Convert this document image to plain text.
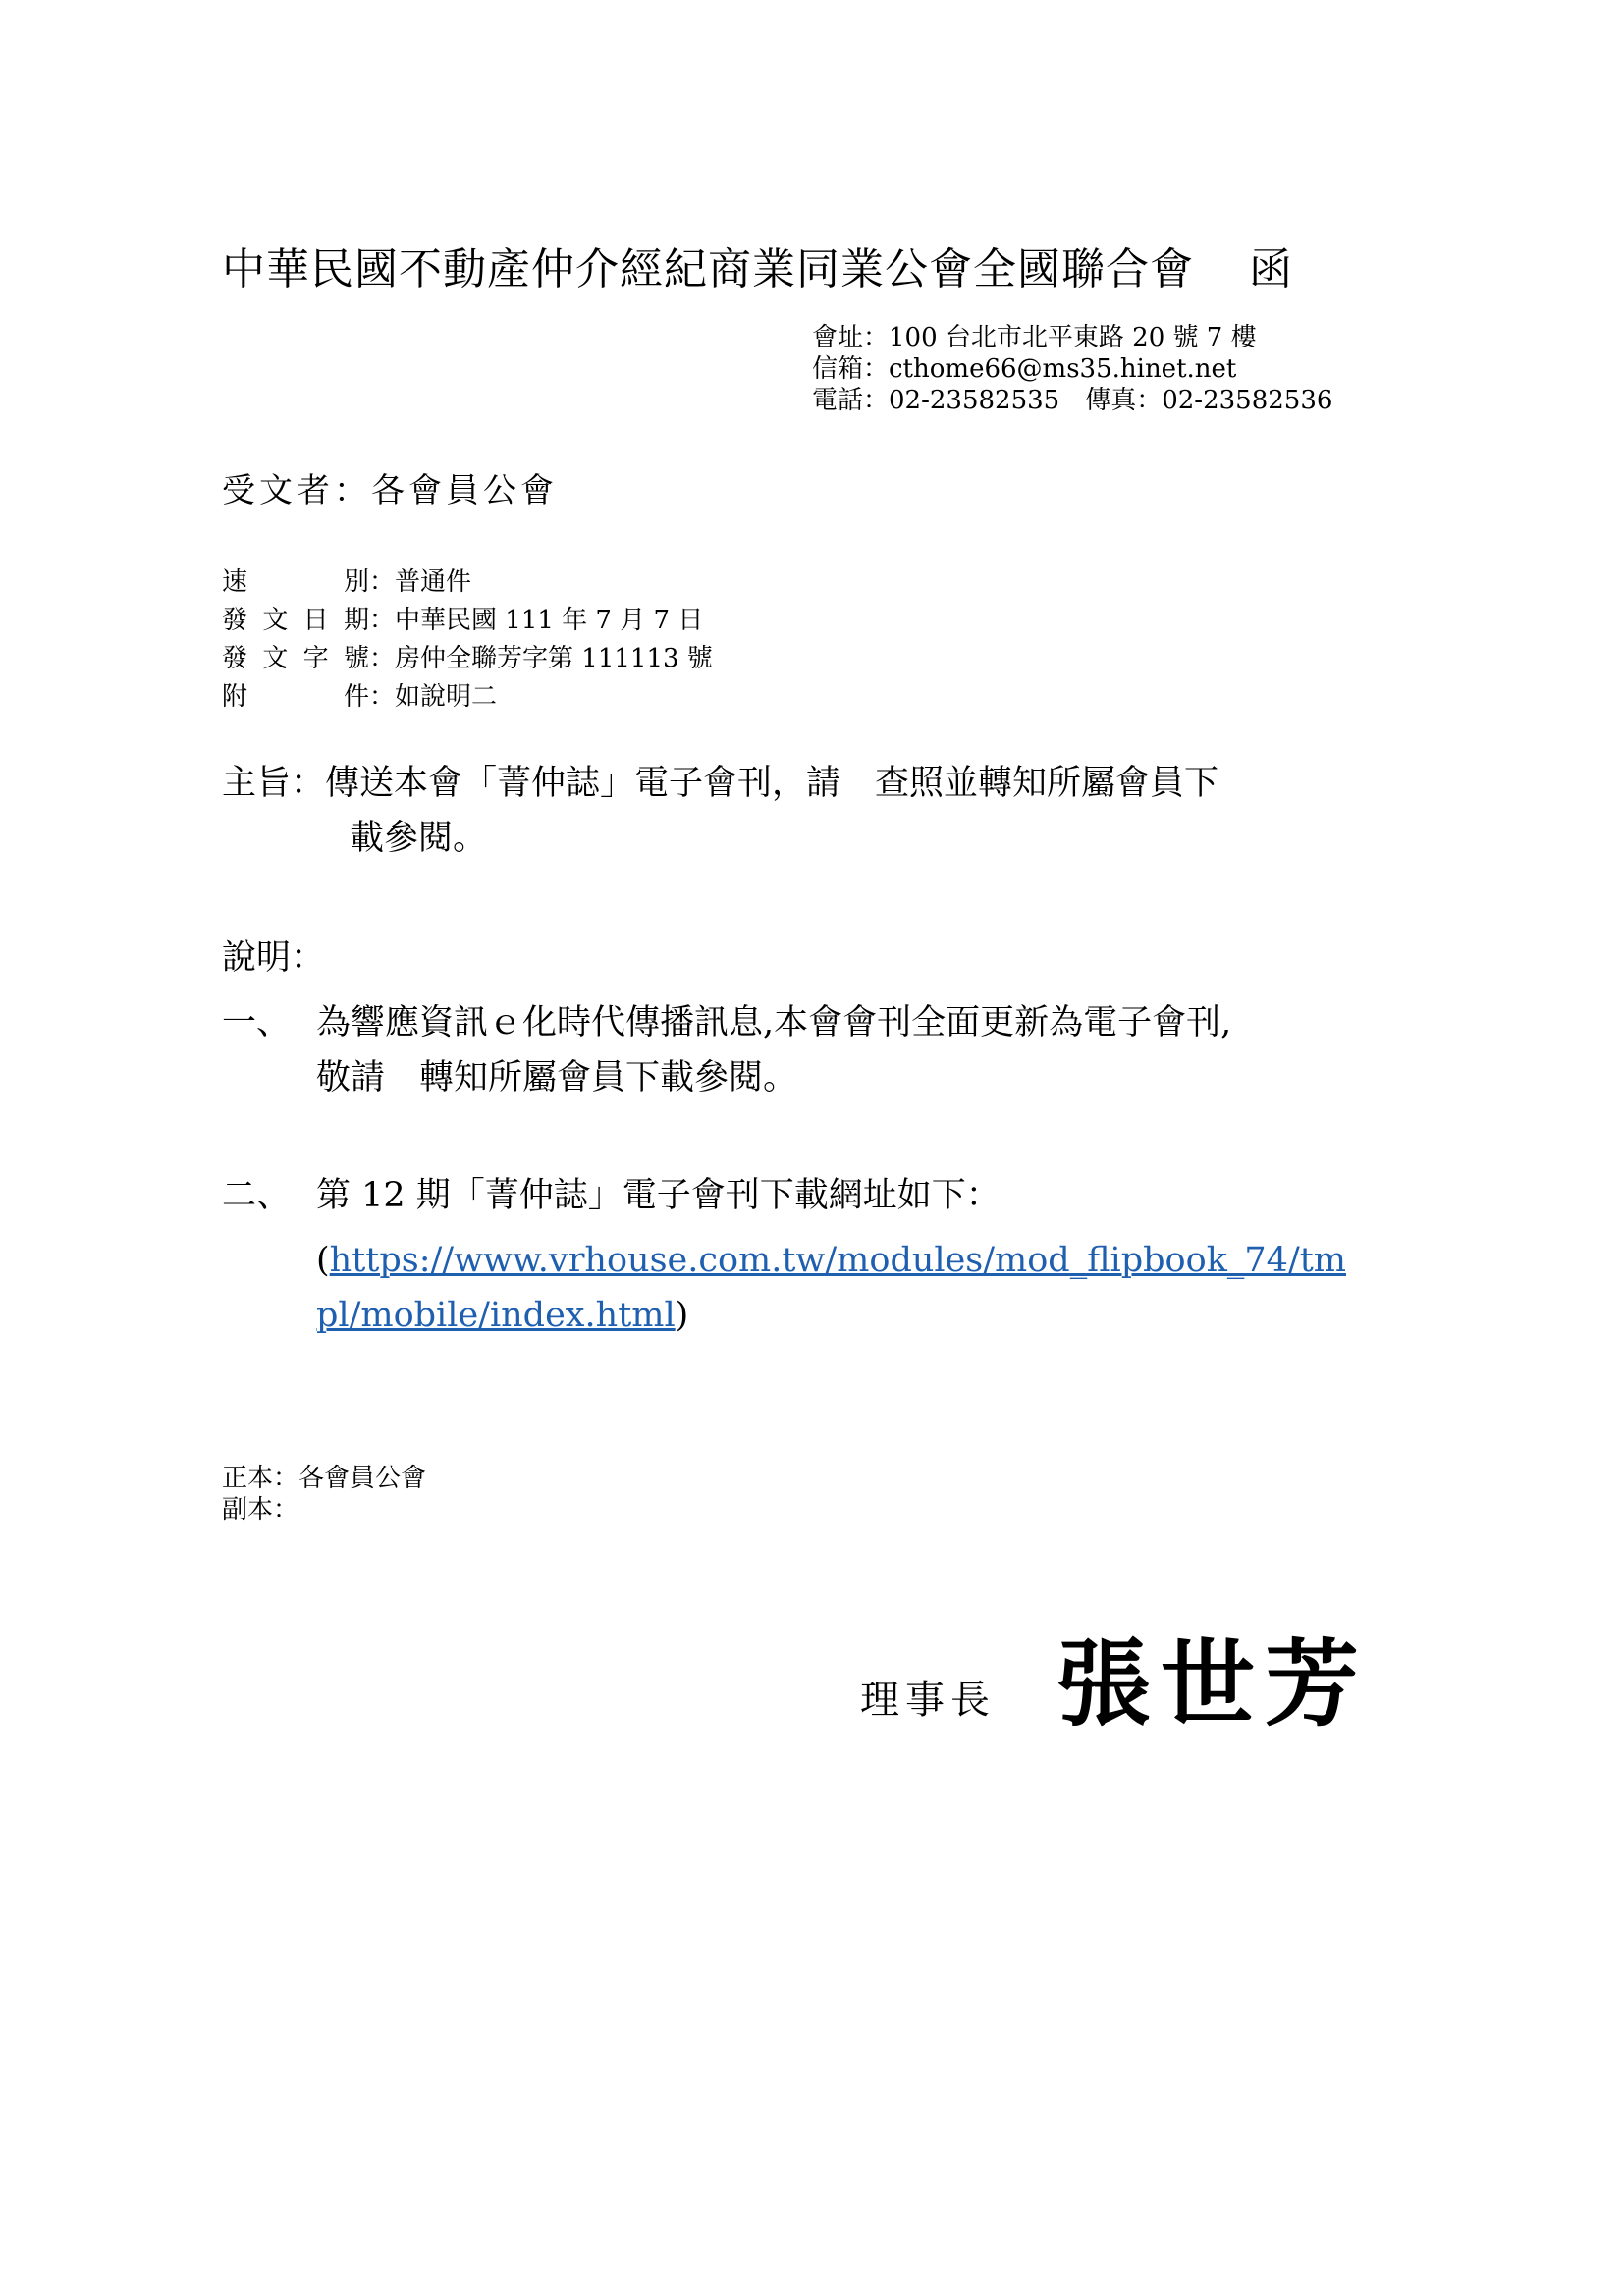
中華民國不動產仲介經紀商業同業公會全國聯合會 函
會址：100 台北市北平東路 20 號 7 樓
信箱：cthome66@ms35.hinet.net
電話：02-23582535　傳真：02-23582536
受文者：各會員公會
速別：普通件
發文日期：中華民國 111 年 7 月 7 日
發文字號：房仲全聯芳字第 111113 號
附件：如說明二
主旨：傳送本會「菁仲誌」電子會刊，請　查照並轉知所屬會員下
載參閱。
說明：
一、 為響應資訊ｅ化時代傳播訊息,本會會刊全面更新為電子會刊,
敬請　轉知所屬會員下載參閱。
二、 第 12 期「菁仲誌」電子會刊下載網址如下：
(https://www.vrhouse.com.tw/modules/mod_flipbook_74/tm
pl/mobile/index.html)
正本：各會員公會
副本：
理事長 張世芳
